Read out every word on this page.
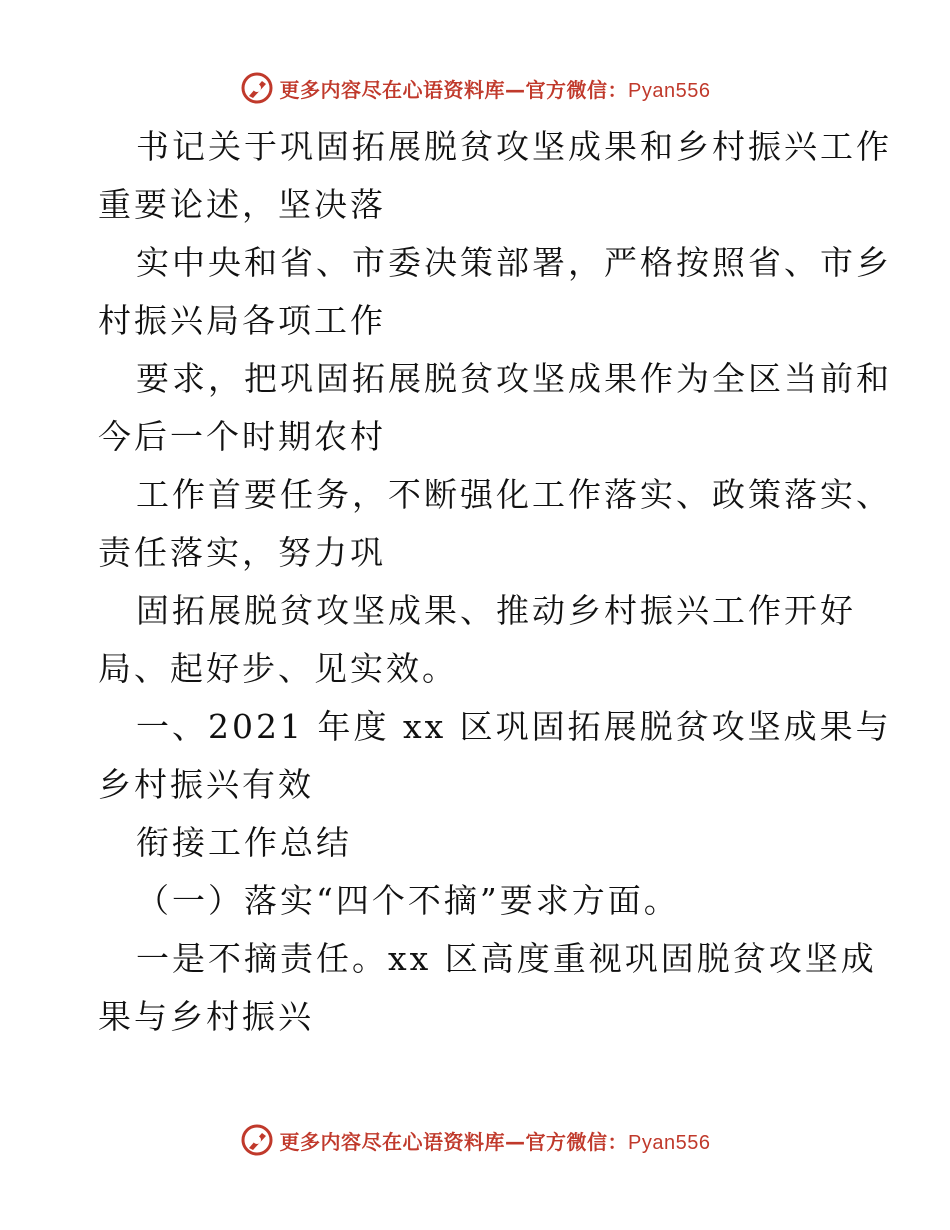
更多内容尽在心语资料库—官方微信：Pyan556
书记关于巩固拓展脱贫攻坚成果和乡村振兴工作
重要论述，坚决落
实中央和省、市委决策部署，严格按照省、市乡
村振兴局各项工作
要求，把巩固拓展脱贫攻坚成果作为全区当前和
今后一个时期农村
工作首要任务，不断强化工作落实、政策落实、
责任落实，努力巩
固拓展脱贫攻坚成果、推动乡村振兴工作开好
局、起好步、见实效。
一、2021 年度 xx 区巩固拓展脱贫攻坚成果与
乡村振兴有效
衔接工作总结
（一）落实“四个不摘”要求方面。
一是不摘责任。xx 区高度重视巩固脱贫攻坚成
果与乡村振兴
更多内容尽在心语资料库—官方微信：Pyan556
